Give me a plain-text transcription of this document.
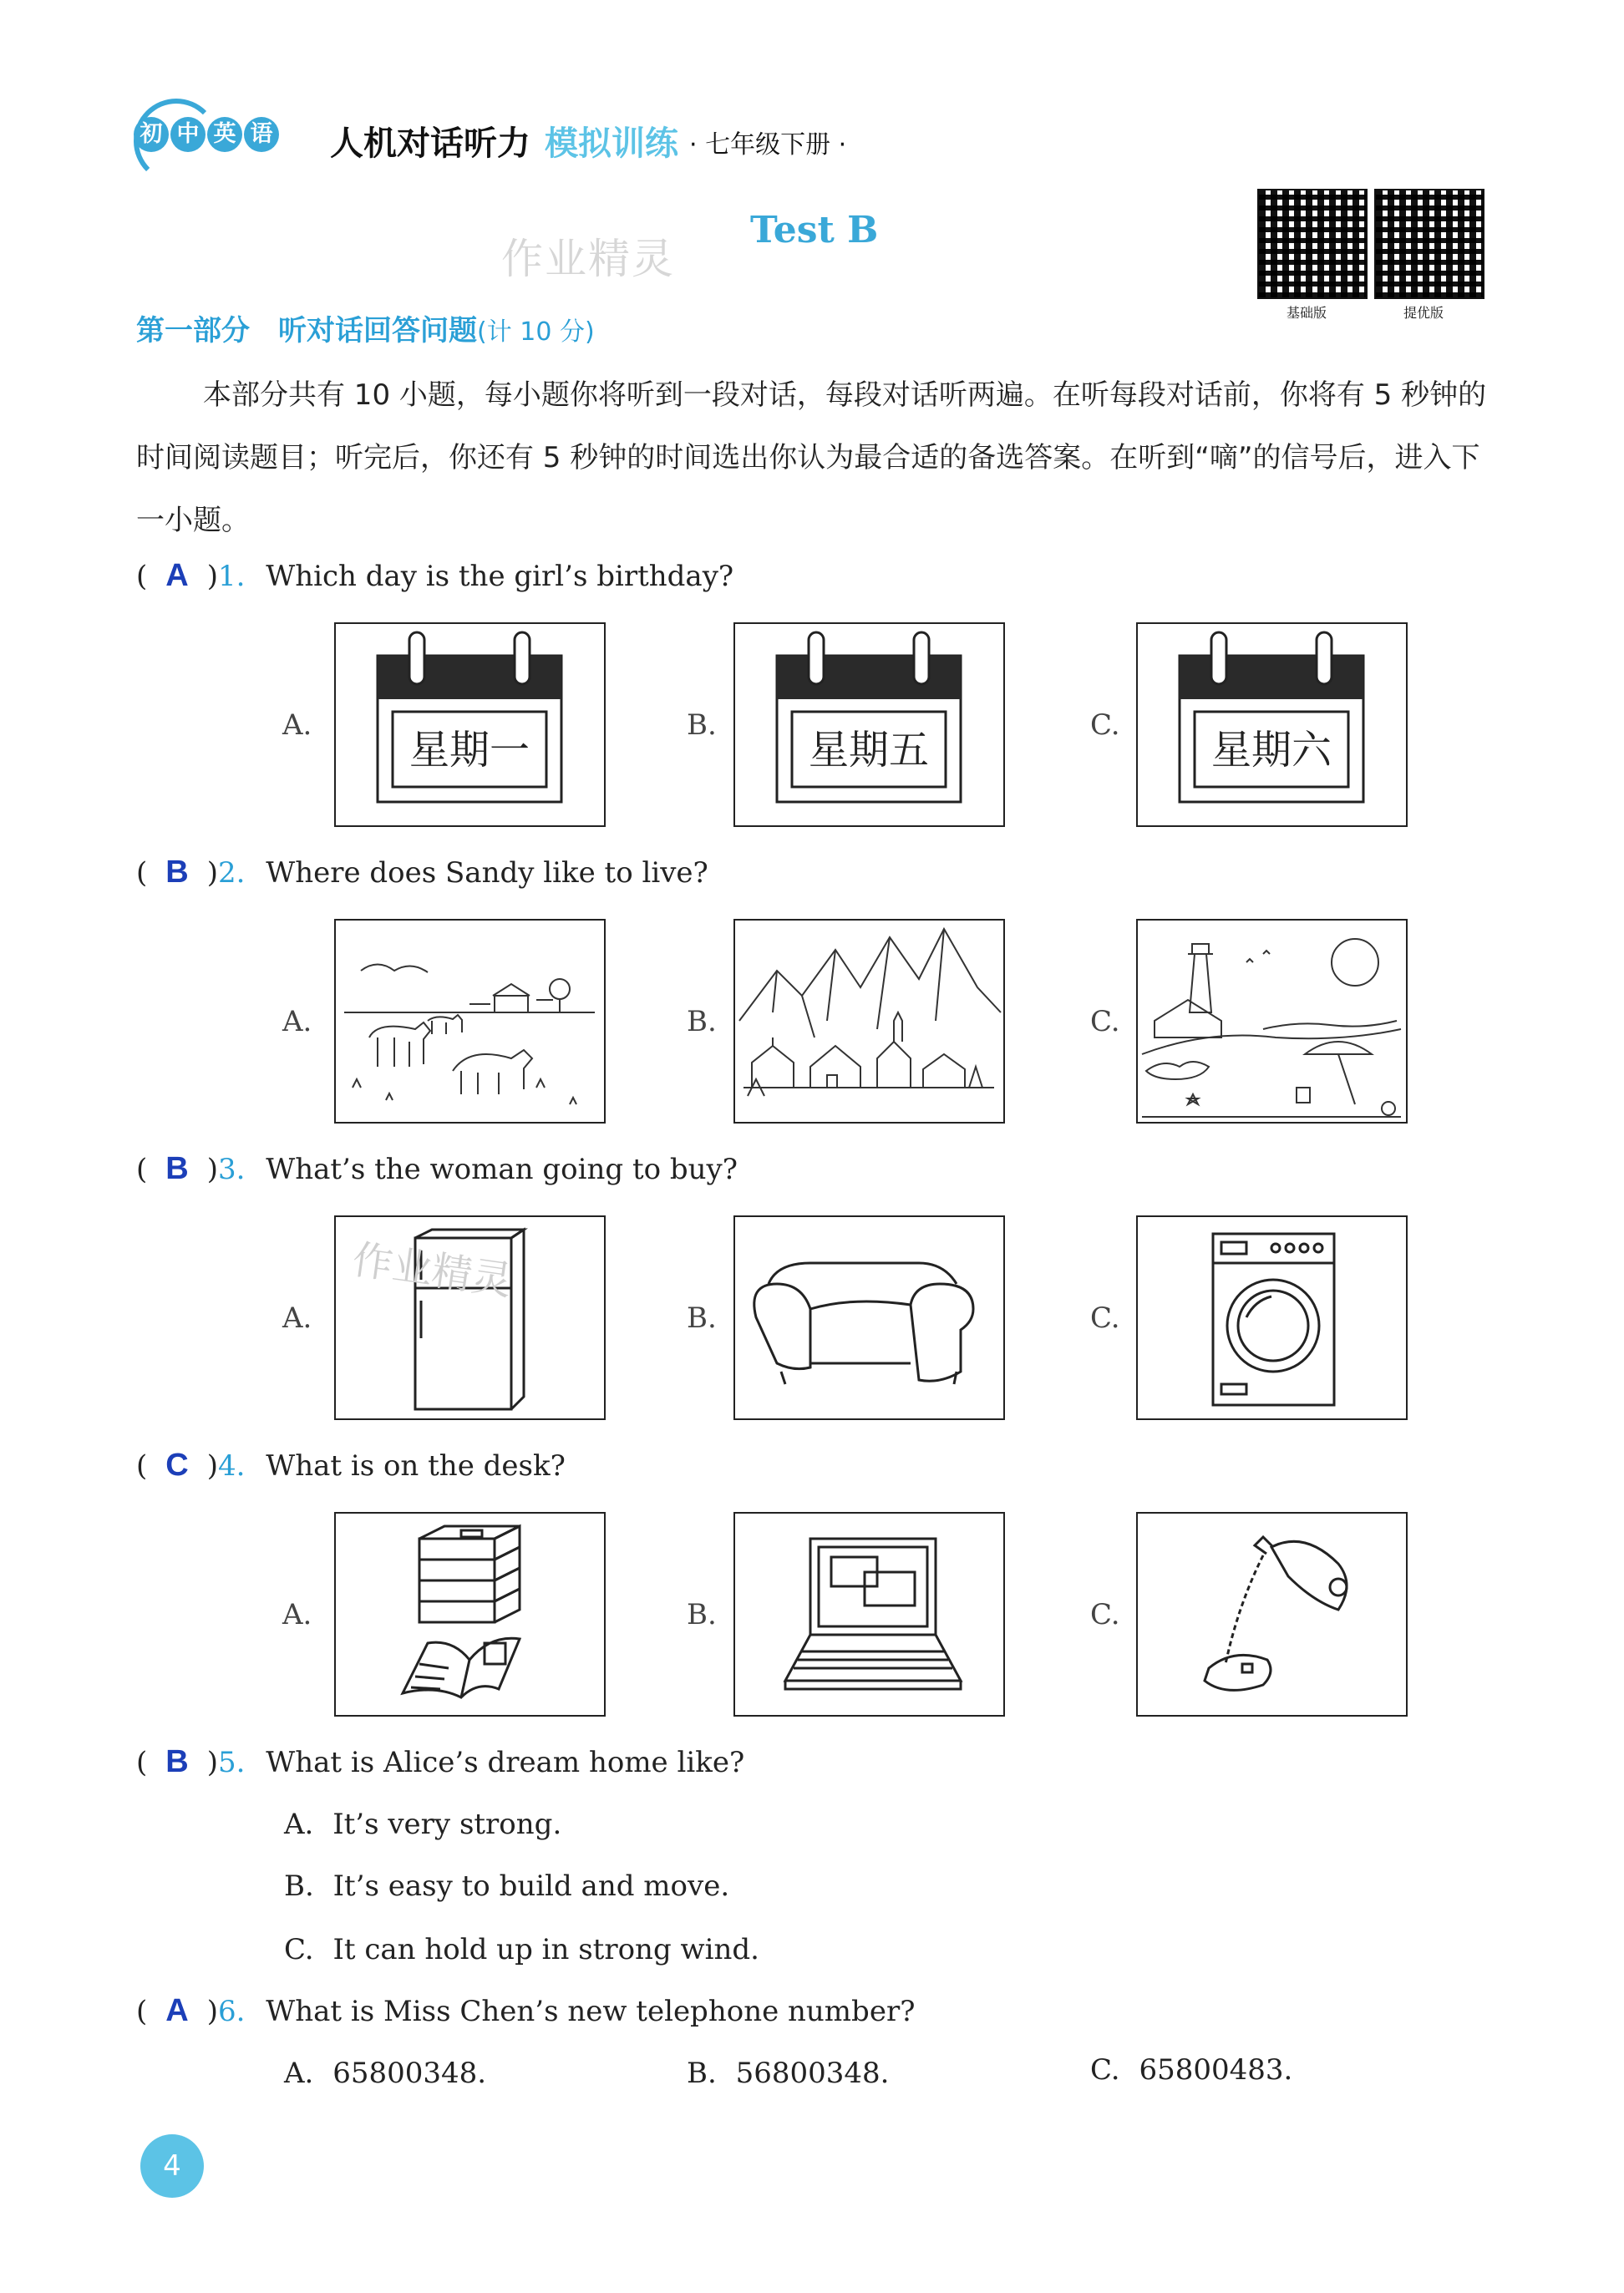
初 中 英 语 人机对话听力 模拟训练 · 七年级下册 ·
作业精灵
Test B
基础版	提优版
第一部分　听对话回答问题(计 10 分)
本部分共有 10 小题，每小题你将听到一段对话，每段对话听两遍。在听每段对话前，你将有 5 秒钟的时间阅读题目；听完后，你还有 5 秒钟的时间选出你认为最合适的备选答案。在听到“嘀”的信号后，进入下一小题。
( A )1. Which day is the girl’s birthday?
A.	B.	C.
星期一	星期五	星期六
( B )2. Where does Sandy like to live?
A.	B.	C.
( B )3. What’s the woman going to buy?
A.	B.	C.
作业精灵
( C )4. What is on the desk?
A.	B.	C.
( B )5. What is Alice’s dream home like?
A. It’s very strong.
B. It’s easy to build and move.
C. It can hold up in strong wind.
( A )6. What is Miss Chen’s new telephone number?
A. 65800348.	B. 56800348.	C. 65800483.
4
